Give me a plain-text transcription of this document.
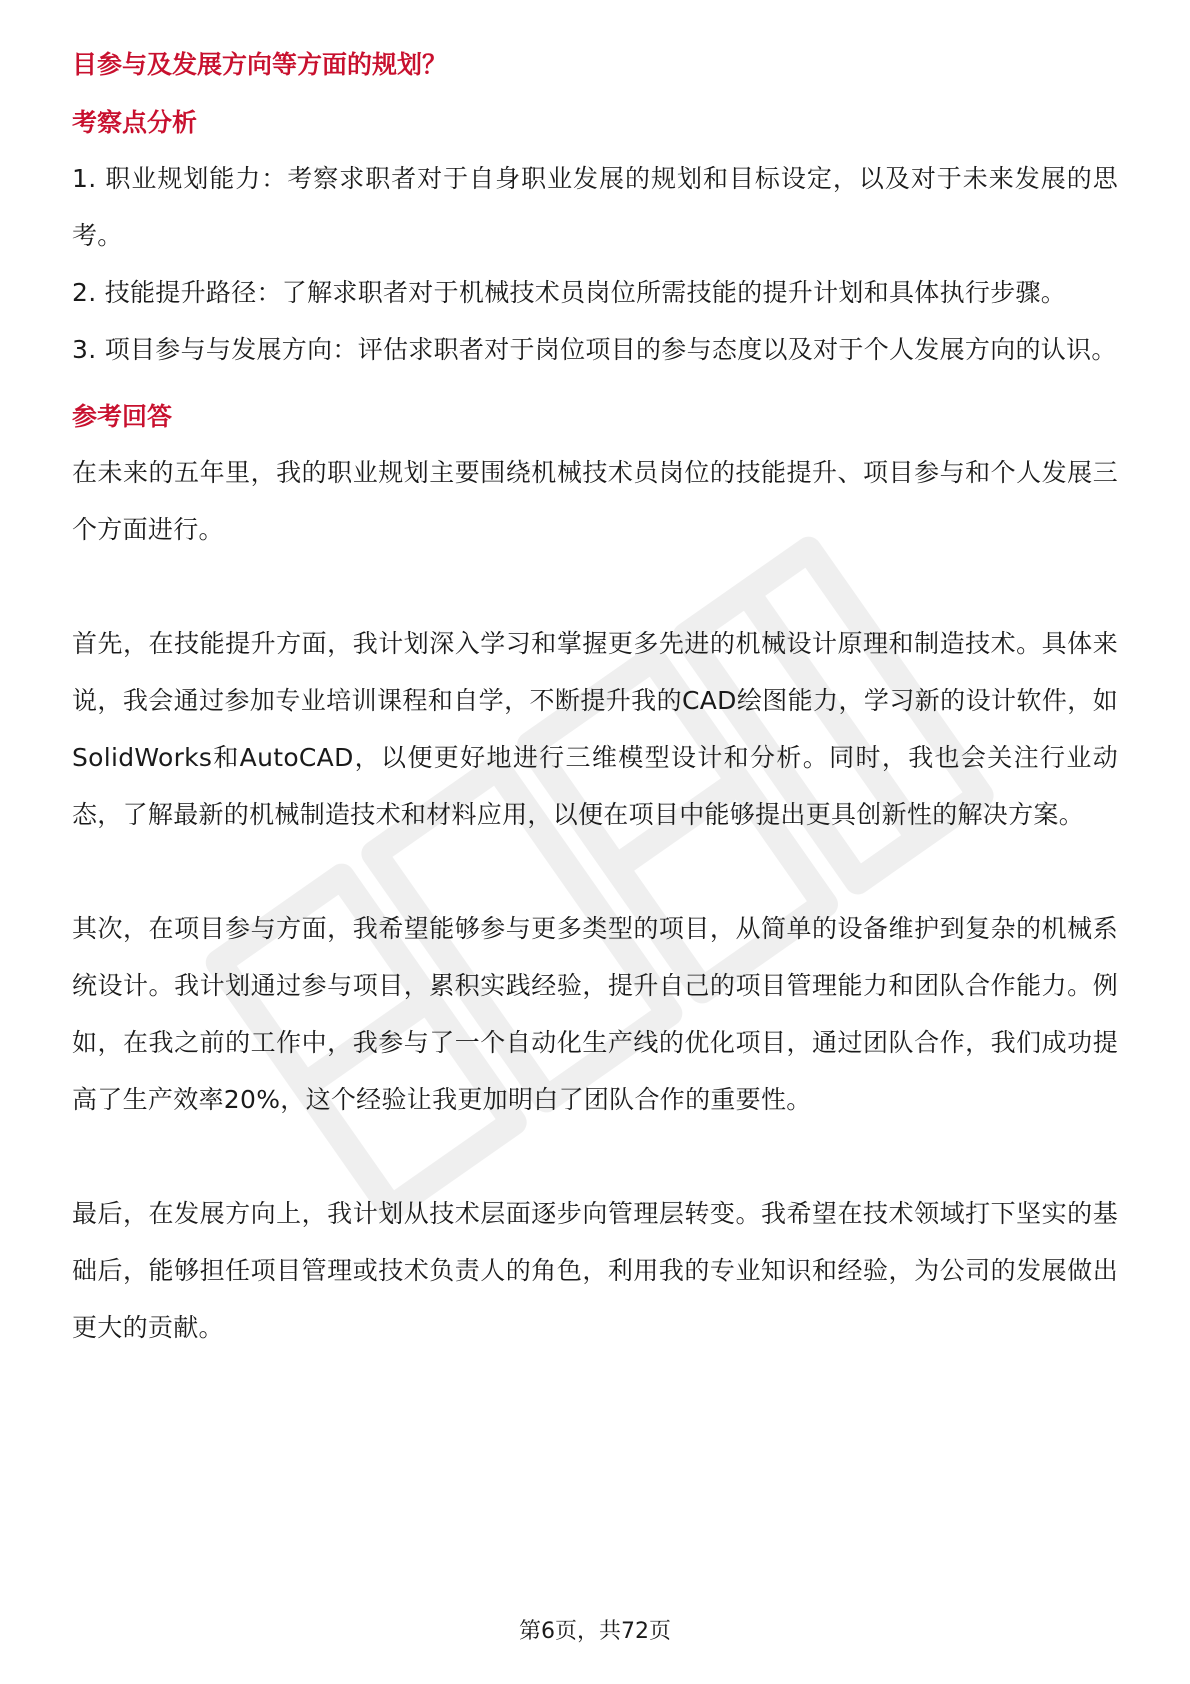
目参与及发展方向等方面的规划？

考察点分析

1. 职业规划能力：考察求职者对于自身职业发展的规划和目标设定，以及对于未来发展的思考。

2. 技能提升路径：了解求职者对于机械技术员岗位所需技能的提升计划和具体执行步骤。

3. 项目参与与发展方向：评估求职者对于岗位项目的参与态度以及对于个人发展方向的认识。

参考回答

在未来的五年里，我的职业规划主要围绕机械技术员岗位的技能提升、项目参与和个人发展三个方面进行。

首先，在技能提升方面，我计划深入学习和掌握更多先进的机械设计原理和制造技术。具体来说，我会通过参加专业培训课程和自学，不断提升我的CAD绘图能力，学习新的设计软件，如SolidWorks和AutoCAD，以便更好地进行三维模型设计和分析。同时，我也会关注行业动态，了解最新的机械制造技术和材料应用，以便在项目中能够提出更具创新性的解决方案。

其次，在项目参与方面，我希望能够参与更多类型的项目，从简单的设备维护到复杂的机械系统设计。我计划通过参与项目，累积实践经验，提升自己的项目管理能力和团队合作能力。例如，在我之前的工作中，我参与了一个自动化生产线的优化项目，通过团队合作，我们成功提高了生产效率20%，这个经验让我更加明白了团队合作的重要性。

最后，在发展方向上，我计划从技术层面逐步向管理层转变。我希望在技术领域打下坚实的基础后，能够担任项目管理或技术负责人的角色，利用我的专业知识和经验，为公司的发展做出更大的贡献。

第6页，共72页
